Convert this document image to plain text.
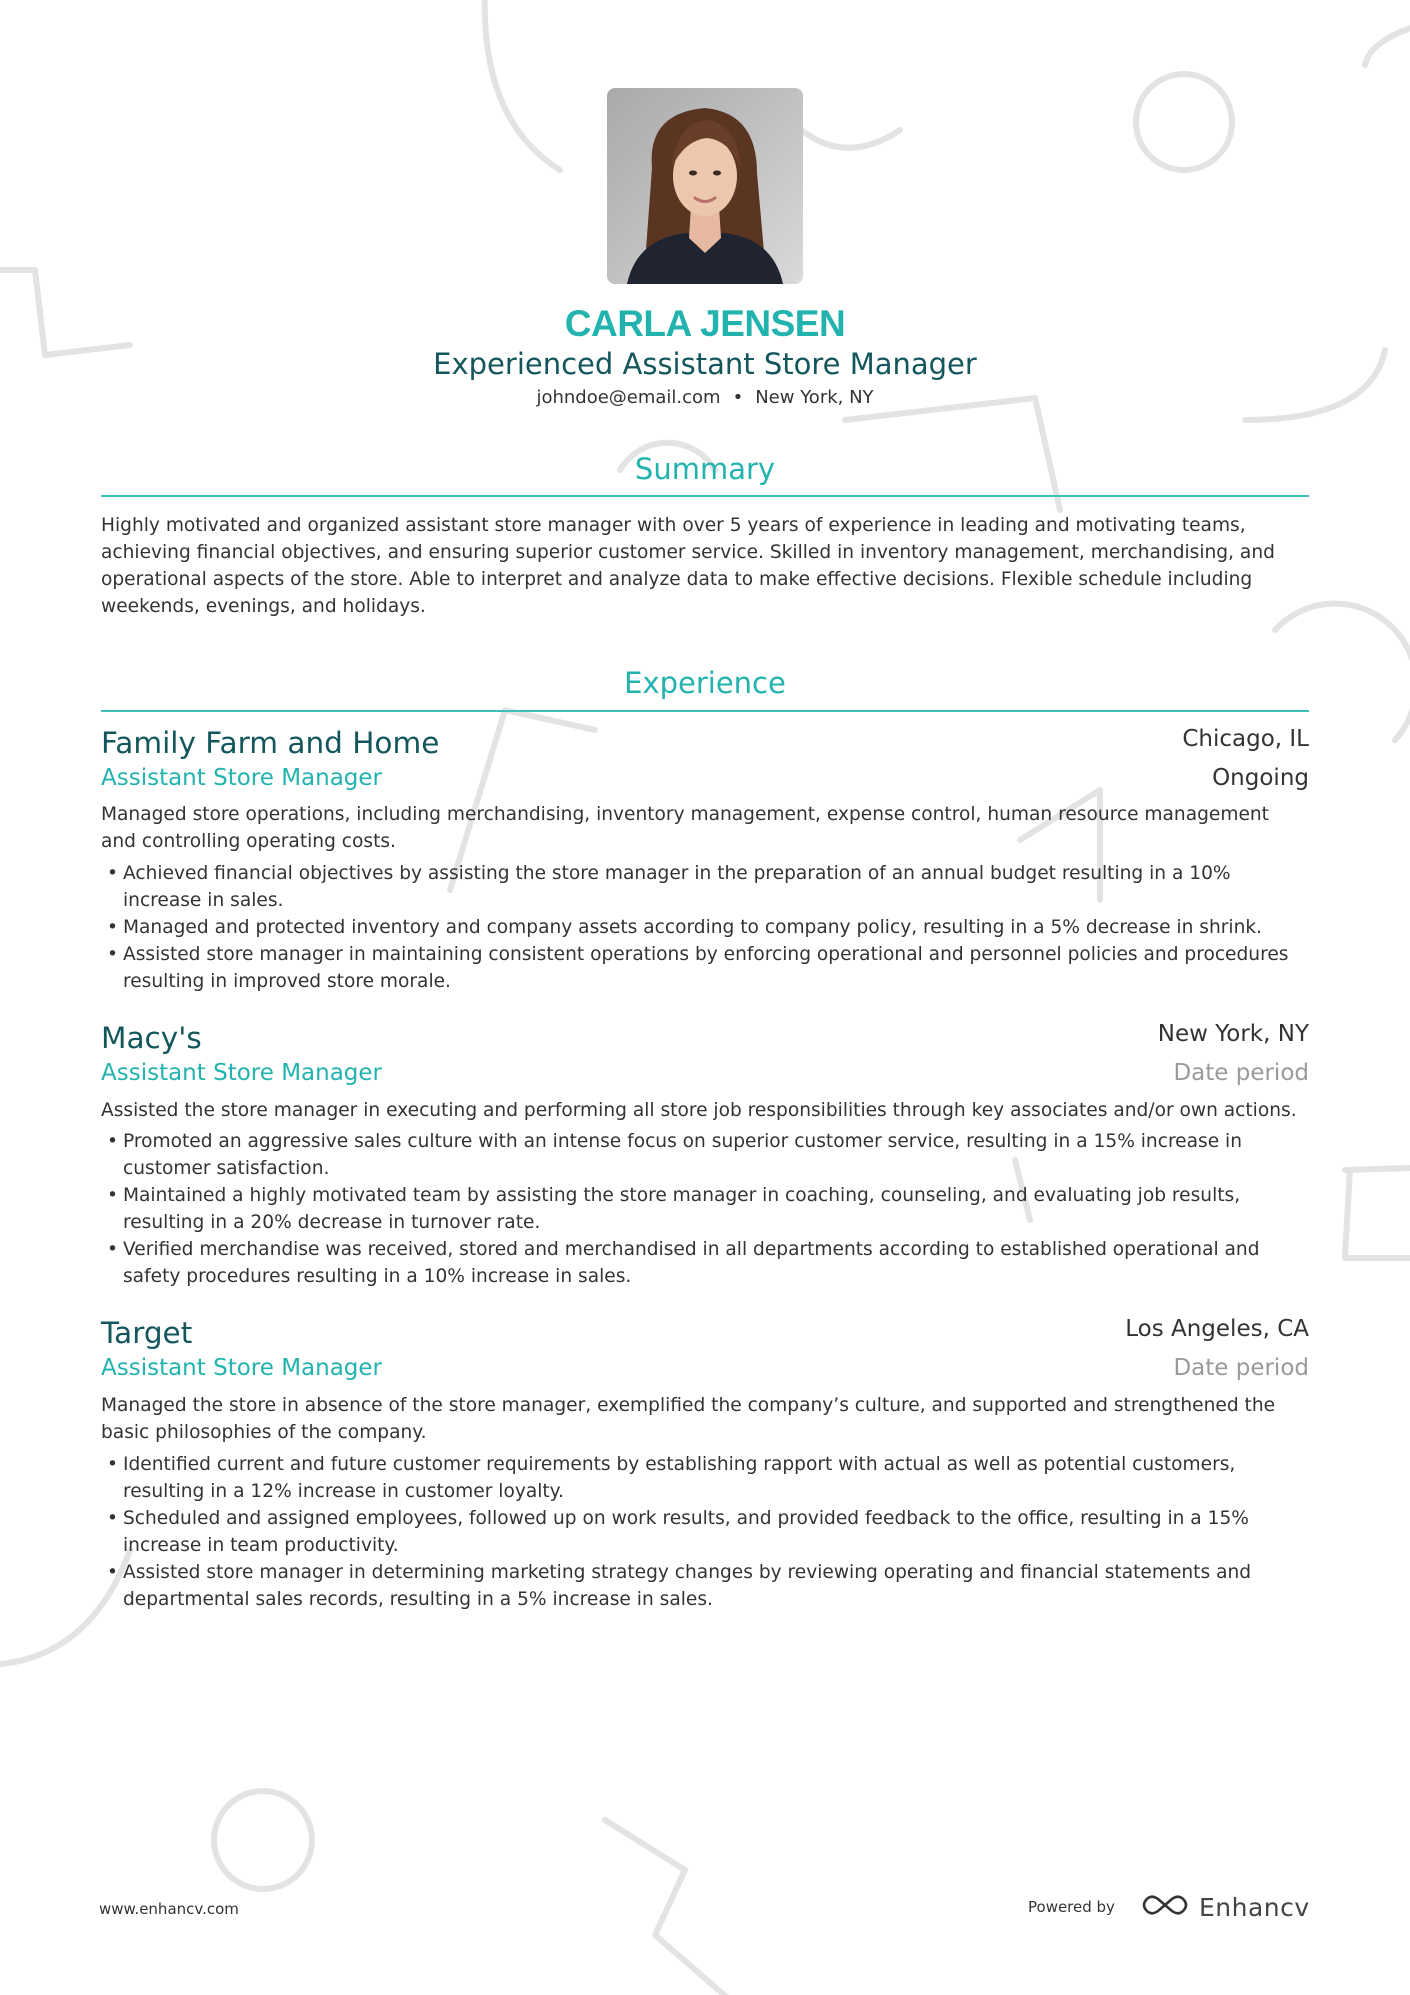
CARLA JENSEN
Experienced Assistant Store Manager
johndoe@email.com • New York, NY
Summary
Highly motivated and organized assistant store manager with over 5 years of experience in leading and motivating teams, achieving financial objectives, and ensuring superior customer service. Skilled in inventory management, merchandising, and operational aspects of the store. Able to interpret and analyze data to make effective decisions. Flexible schedule including weekends, evenings, and holidays.
Experience
Family Farm and Home	Chicago, IL
Assistant Store Manager	Ongoing
Managed store operations, including merchandising, inventory management, expense control, human resource management and controlling operating costs.
• Achieved financial objectives by assisting the store manager in the preparation of an annual budget resulting in a 10% increase in sales.
• Managed and protected inventory and company assets according to company policy, resulting in a 5% decrease in shrink.
• Assisted store manager in maintaining consistent operations by enforcing operational and personnel policies and procedures resulting in improved store morale.
Macy's	New York, NY
Assistant Store Manager	Date period
Assisted the store manager in executing and performing all store job responsibilities through key associates and/or own actions.
• Promoted an aggressive sales culture with an intense focus on superior customer service, resulting in a 15% increase in customer satisfaction.
• Maintained a highly motivated team by assisting the store manager in coaching, counseling, and evaluating job results, resulting in a 20% decrease in turnover rate.
• Verified merchandise was received, stored and merchandised in all departments according to established operational and safety procedures resulting in a 10% increase in sales.
Target	Los Angeles, CA
Assistant Store Manager	Date period
Managed the store in absence of the store manager, exemplified the company’s culture, and supported and strengthened the basic philosophies of the company.
• Identified current and future customer requirements by establishing rapport with actual as well as potential customers, resulting in a 12% increase in customer loyalty.
• Scheduled and assigned employees, followed up on work results, and provided feedback to the office, resulting in a 15% increase in team productivity.
• Assisted store manager in determining marketing strategy changes by reviewing operating and financial statements and departmental sales records, resulting in a 5% increase in sales.
www.enhancv.com	Powered by	Enhancv
